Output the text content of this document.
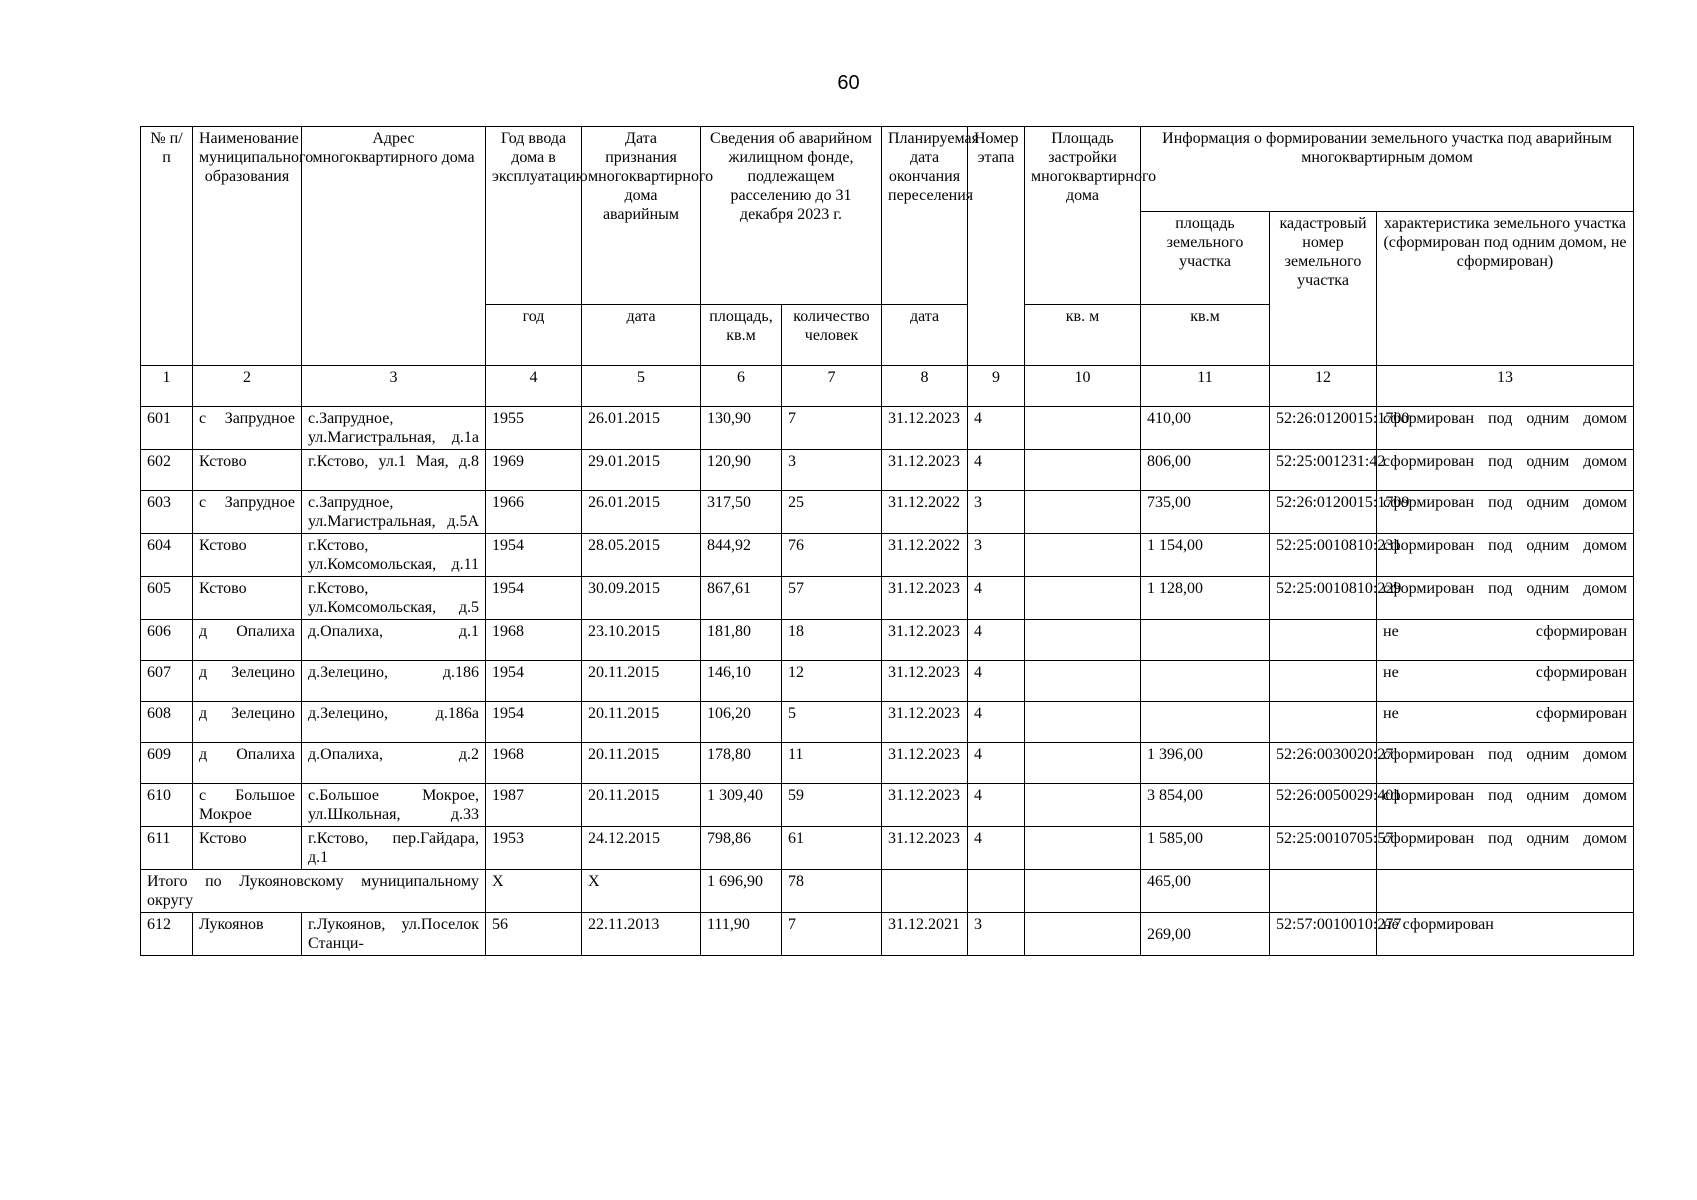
60
№ п/п	Наименование муниципального образования	Адрес многоквартирного дома	Год ввода дома в эксплуатацию	Дата признания многоквартирного дома аварийным	Сведения об аварийном жилищном фонде, подлежащем расселению до 31 декабря 2023 г.		Планируемая дата окончания переселения	Номер этапа	Площадь застройки многоквартирного дома	Информация о формировании земельного участка под аварийным многоквартирным домом		
										площадь земельного участка	кадастровый номер земельного участка	характеристика земельного участка (сформирован под одним домом, не сформирован)
			год	дата	площадь, кв.м	количество человек	дата		кв. м	кв.м		
1	2	3	4	5	6	7	8	9	10	11	12	13
601	с Запрудное	с.Запрудное, ул.Магистральная, д.1а	1955	26.01.2015	130,90	7	31.12.2023	4		410,00	52:26:0120015:1700	сформирован под одним домом
602	Кстово	г.Кстово, ул.1 Мая, д.8	1969	29.01.2015	120,90	3	31.12.2023	4		806,00	52:25:001231:42	сформирован под одним домом
603	с Запрудное	с.Запрудное, ул.Магистральная, д.5А	1966	26.01.2015	317,50	25	31.12.2022	3		735,00	52:26:0120015:1709	сформирован под одним домом
604	Кстово	г.Кстово, ул.Комсомольская, д.11	1954	28.05.2015	844,92	76	31.12.2022	3		1 154,00	52:25:0010810:231	сформирован под одним домом
605	Кстово	г.Кстово, ул.Комсомольская, д.5	1954	30.09.2015	867,61	57	31.12.2023	4		1 128,00	52:25:0010810:229	сформирован под одним домом
606	д Опалиха	д.Опалиха, д.1	1968	23.10.2015	181,80	18	31.12.2023	4				не сформирован
607	д Зелецино	д.Зелецино, д.186	1954	20.11.2015	146,10	12	31.12.2023	4				не сформирован
608	д Зелецино	д.Зелецино, д.186а	1954	20.11.2015	106,20	5	31.12.2023	4				не сформирован
609	д Опалиха	д.Опалиха, д.2	1968	20.11.2015	178,80	11	31.12.2023	4		1 396,00	52:26:0030020:27	сформирован под одним домом
610	с Большое Мокрое	с.Большое Мокрое, ул.Школьная, д.33	1987	20.11.2015	1 309,40	59	31.12.2023	4		3 854,00	52:26:0050029:401	сформирован под одним домом
611	Кстово	г.Кстово, пер.Гайдара, д.1	1953	24.12.2015	798,86	61	31.12.2023	4		1 585,00	52:25:0010705:57	сформирован под одним домом
Итого по Лукояновскому муниципальному округу			X	X	1 696,90	78				465,00		
612	Лукоянов	г.Лукоянов, ул.Поселок Станци-	56	22.11.2013	111,90	7	31.12.2021	3		269,00	52:57:0010010:277	не сформирован
